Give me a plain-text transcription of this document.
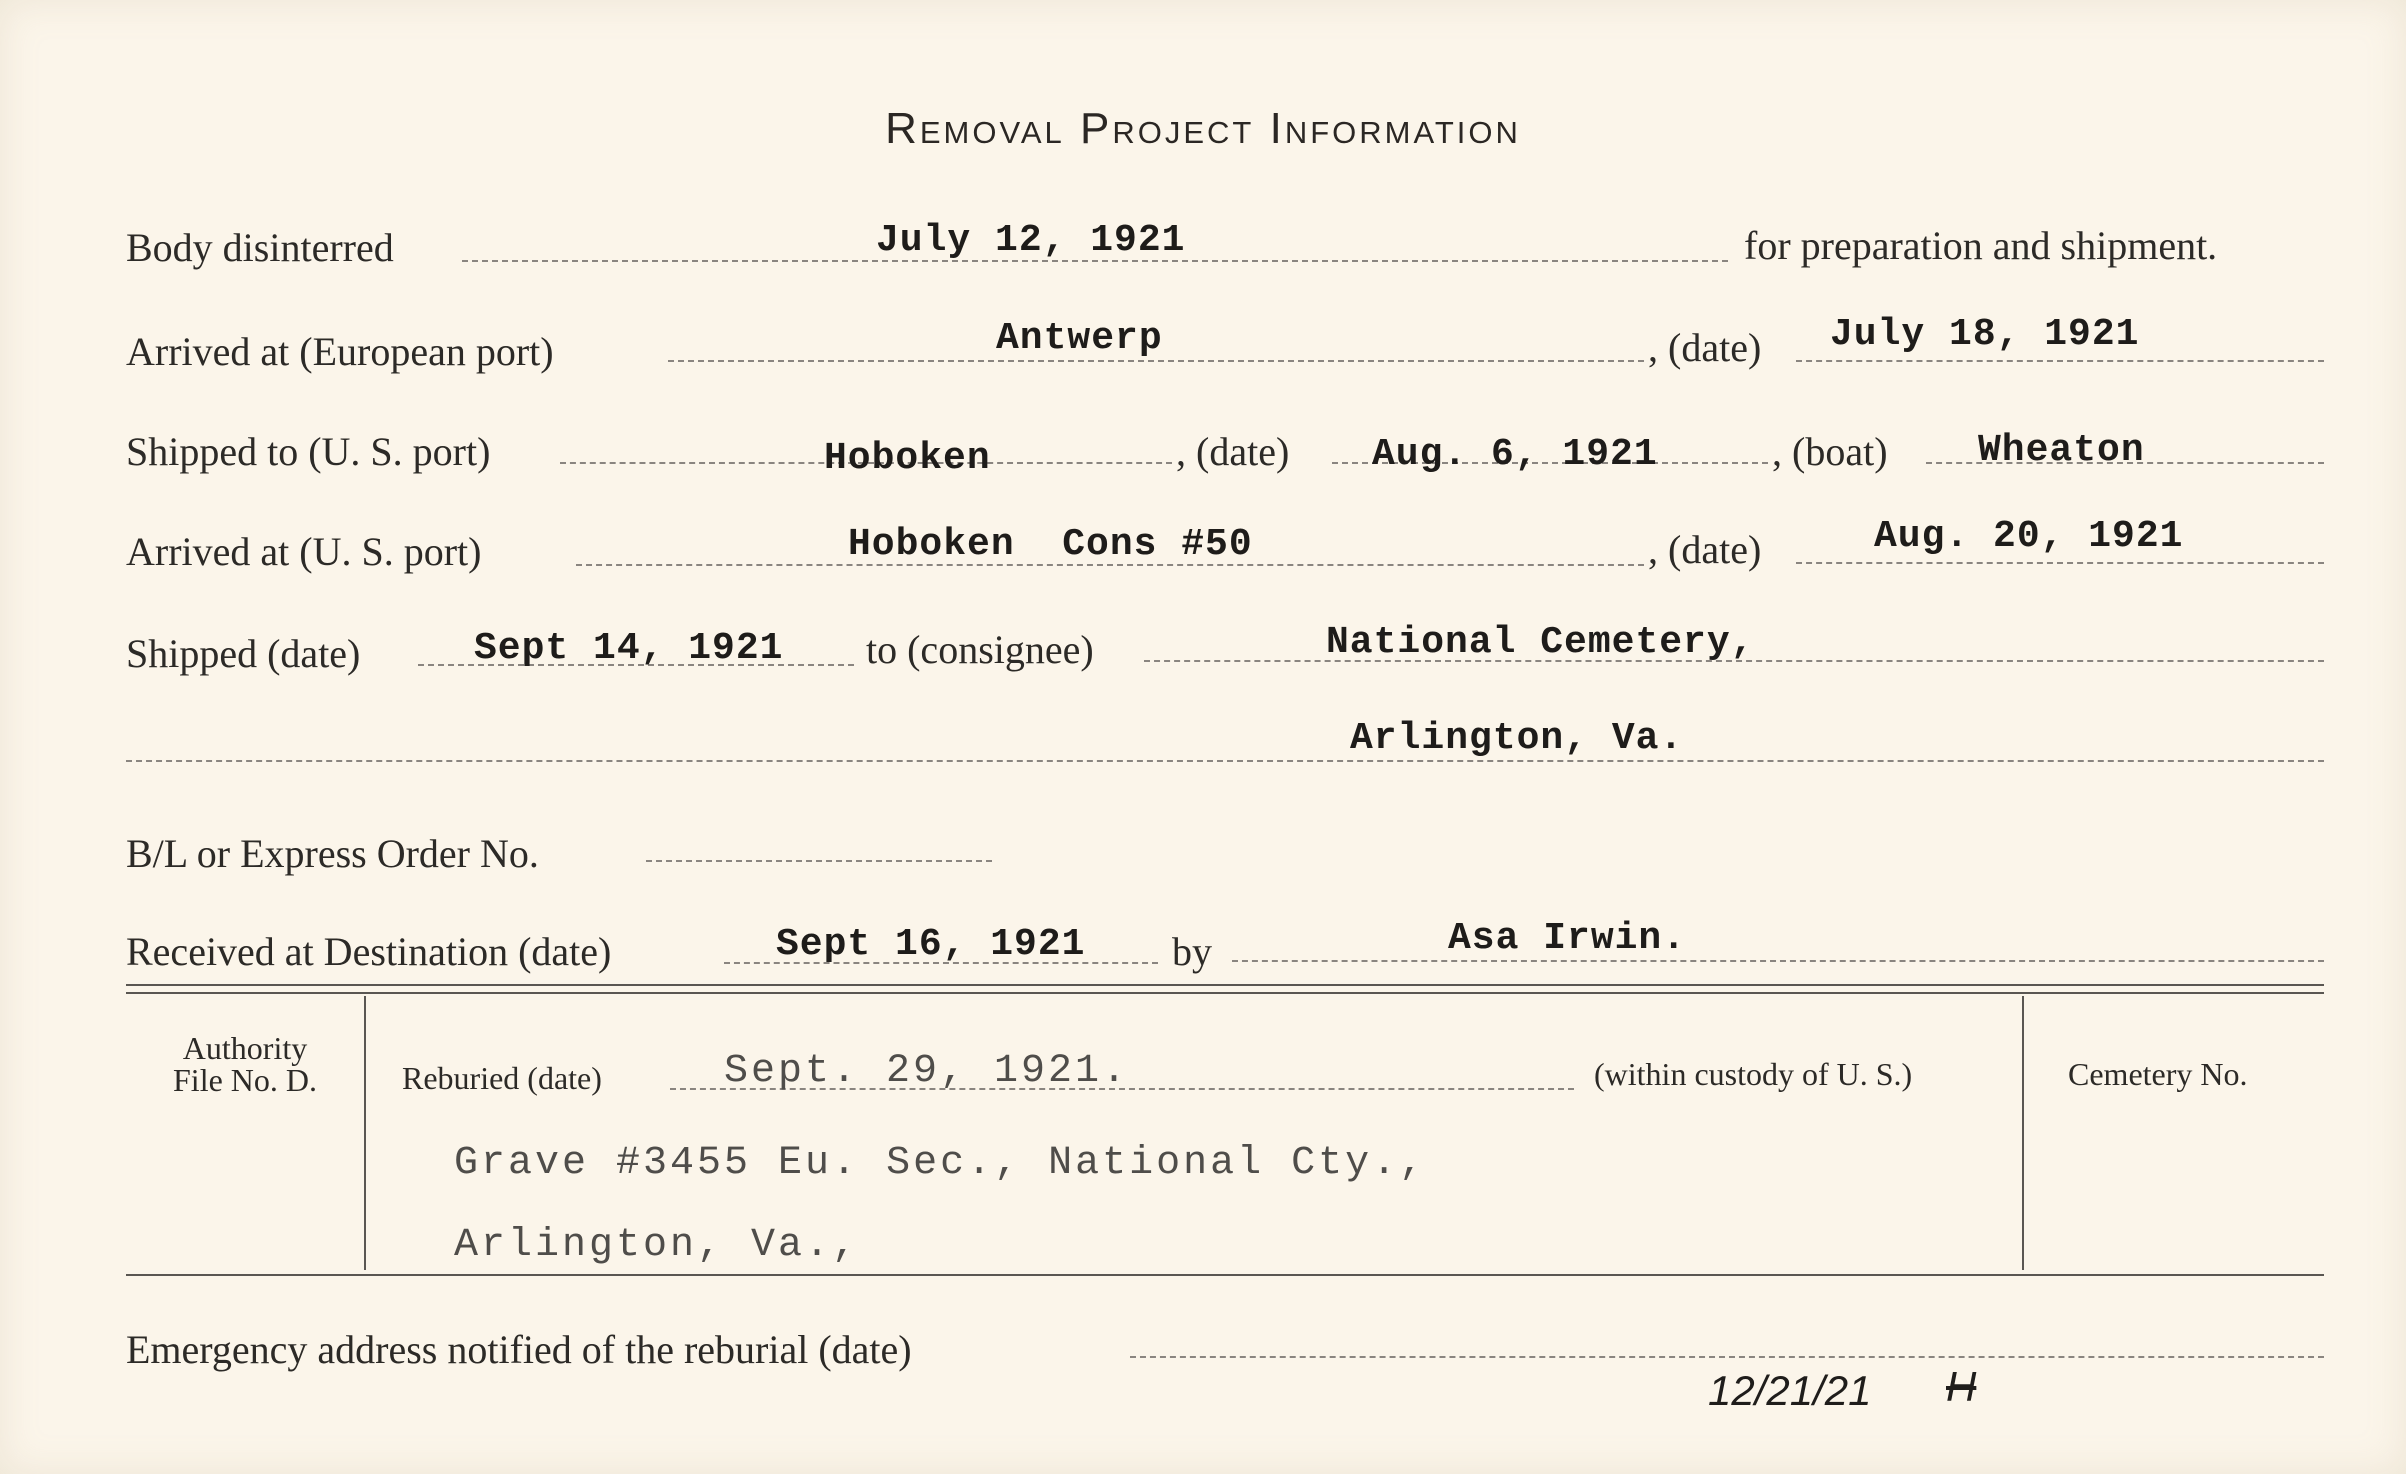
Removal Project Information
Body disinterred	July 12, 1921	for preparation and shipment.
Arrived at (European port)	Antwerp	, (date) July 18, 1921
Shipped to (U. S. port)	Hoboken	, (date) Aug. 6, 1921	, (boat) Wheaton
Arrived at (U. S. port)	Hoboken  Cons #50	, (date)	Aug. 20, 1921
Shipped (date)	Sept 14, 1921 to (consignee)	National Cemetery,
Arlington, Va.
B/L or Express Order No.
Received at Destination (date)	Sept 16, 1921 by	Asa Irwin.
Authority
File No. D.	Reburied (date)	Sept. 29, 1921.	(within custody of U. S.)	Cemetery No.
Grave #3455 Eu. Sec., National Cty.,
Arlington, Va.,
Emergency address notified of the reburial (date)
12/21/21 H
